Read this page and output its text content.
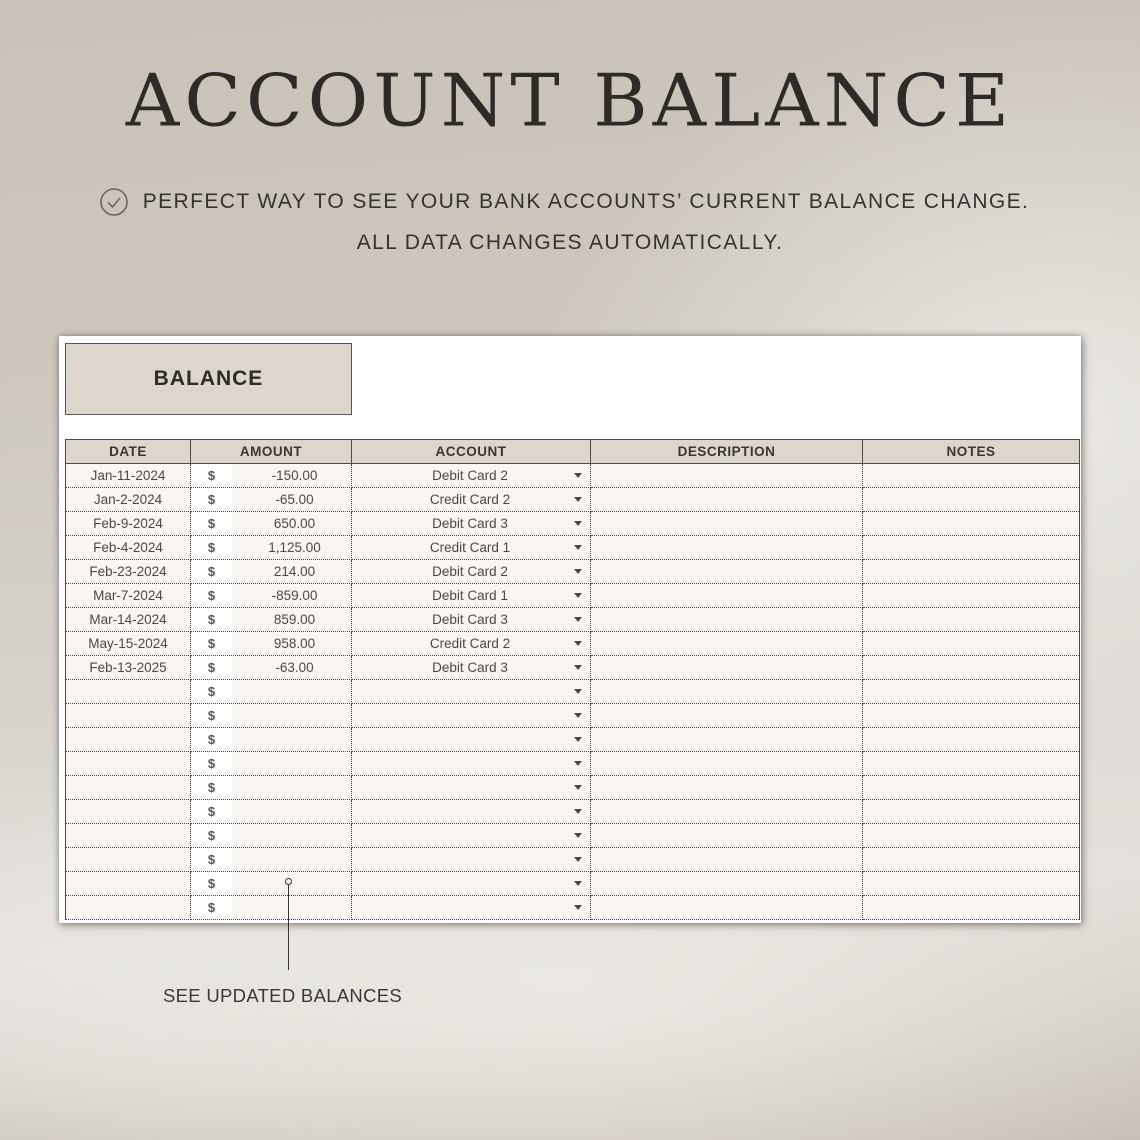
ACCOUNT BALANCE
PERFECT WAY TO SEE YOUR BANK ACCOUNTS’ CURRENT BALANCE CHANGE.
ALL DATA CHANGES AUTOMATICALLY.
BALANCE
DATE	AMOUNT	ACCOUNT	DESCRIPTION	NOTES
Jan-11-2024	$ -150.00	Debit Card 2		

Jan-2-2024	$ -65.00	Credit Card 2		

Feb-9-2024	$ 650.00	Debit Card 3		

Feb-4-2024	$ 1,125.00	Credit Card 1		

Feb-23-2024	$ 214.00	Debit Card 2		

Mar-7-2024	$ -859.00	Debit Card 1		

Mar-14-2024	$ 859.00	Debit Card 3		

May-15-2024	$ 958.00	Credit Card 2		

Feb-13-2025	$ -63.00	Debit Card 3		

$			

$			

$			

$			

$			

$			

$			

$			

$			

$			

SEE UPDATED BALANCES
